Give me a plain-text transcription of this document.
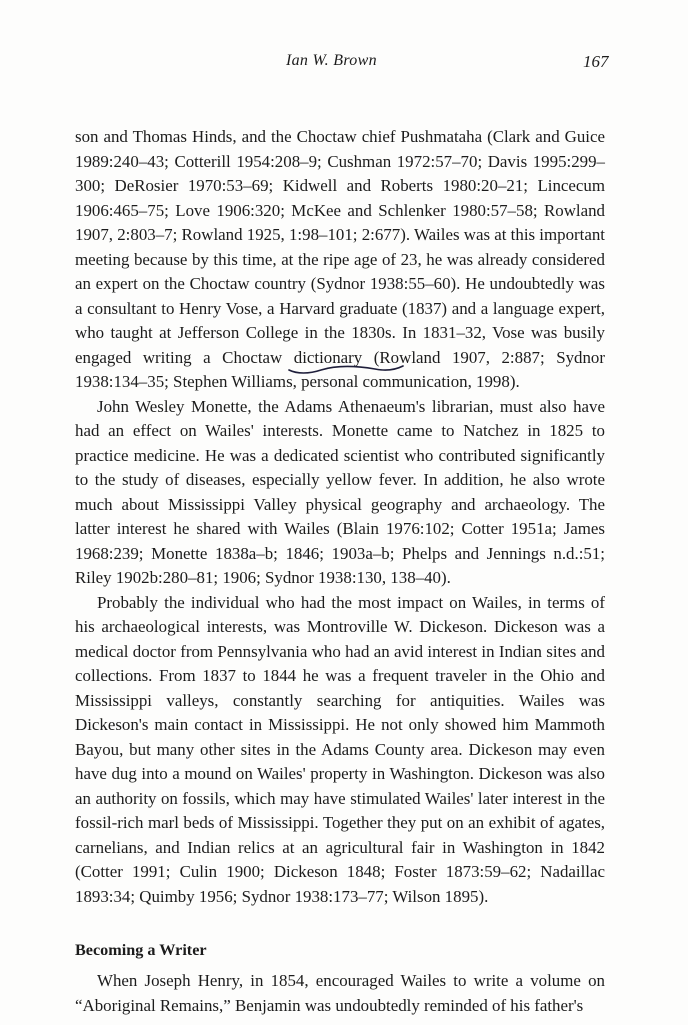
Ian W. Brown	167

son and Thomas Hinds, and the Choctaw chief Pushmataha (Clark and Guice 1989:240–43; Cotterill 1954:208–9; Cushman 1972:57–70; Davis 1995:299–300; DeRosier 1970:53–69; Kidwell and Roberts 1980:20–21; Lincecum 1906:465–75; Love 1906:320; McKee and Schlenker 1980:57–58; Rowland 1907, 2:803–7; Rowland 1925, 1:98–101; 2:677). Wailes was at this important meeting because by this time, at the ripe age of 23, he was already considered an expert on the Choctaw country (Sydnor 1938:55–60). He undoubtedly was a consultant to Henry Vose, a Harvard graduate (1837) and a language expert, who taught at Jefferson College in the 1830s. In 1831–32, Vose was busily engaged writing a Choctaw dictionary (Rowland 1907, 2:887; Sydnor 1938:134–35; Stephen Williams, personal communication, 1998).

John Wesley Monette, the Adams Athenaeum's librarian, must also have had an effect on Wailes' interests. Monette came to Natchez in 1825 to practice medicine. He was a dedicated scientist who contributed significantly to the study of diseases, especially yellow fever. In addition, he also wrote much about Mississippi Valley physical geography and archaeology. The latter interest he shared with Wailes (Blain 1976:102; Cotter 1951a; James 1968:239; Monette 1838a–b; 1846; 1903a–b; Phelps and Jennings n.d.:51; Riley 1902b:280–81; 1906; Sydnor 1938:130, 138–40).

Probably the individual who had the most impact on Wailes, in terms of his archaeological interests, was Montroville W. Dickeson. Dickeson was a medical doctor from Pennsylvania who had an avid interest in Indian sites and collections. From 1837 to 1844 he was a frequent traveler in the Ohio and Mississippi valleys, constantly searching for antiquities. Wailes was Dickeson's main contact in Mississippi. He not only showed him Mammoth Bayou, but many other sites in the Adams County area. Dickeson may even have dug into a mound on Wailes' property in Washington. Dickeson was also an authority on fossils, which may have stimulated Wailes' later interest in the fossil-rich marl beds of Mississippi. Together they put on an exhibit of agates, carnelians, and Indian relics at an agricultural fair in Washington in 1842 (Cotter 1991; Culin 1900; Dickeson 1848; Foster 1873:59–62; Nadaillac 1893:34; Quimby 1956; Sydnor 1938:173–77; Wilson 1895).

Becoming a Writer

When Joseph Henry, in 1854, encouraged Wailes to write a volume on “Aboriginal Remains,” Benjamin was undoubtedly reminded of his father's
